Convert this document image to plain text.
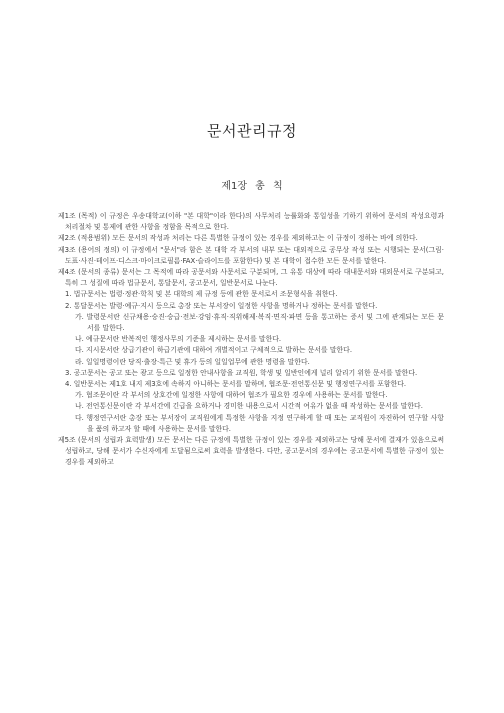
문서관리규정
제1장 총 칙

제1조 (목적) 이 규정은 우송대학교(이하 "본 대학"이라 한다)의 사무처리 능률화와 통일성을 기하기 위하여 문서의 작성요령과 처리절차 및 통제에 관한 사항을 정함을 목적으로 한다.

제2조 (적용범위) 모든 문서의 작성과 처리는 다른 특별한 규정이 있는 경우를 제외하고는 이 규정이 정하는 바에 의한다.

제3조 (용어의 정의) 이 규정에서 "문서"라 함은 본 대학 각 부서의 내부 또는 대외적으로 공무상 작성 또는 시행되는 문서(그림·도표·사진·테이프·디스크·마이크로필름·FAX·슬라이드를 포함한다) 및 본 대학이 접수한 모든 문서를 말한다.

제4조 (문서의 종류) 문서는 그 목적에 따라 공문서와 사문서로 구분되며, 그 유통 대상에 따라 대내문서와 대외문서로 구분되고, 특히 그 성질에 따라 법규문서, 통달문서, 공고문서, 일반문서로 나눈다.

1. 법규문서는 법령·정관·학칙 및 본 대학의 제 규정 등에 관한 문서로서 조문형식을 취한다.

2. 통달문서는 발령·예규·지시 등으로 총장 또는 부서장이 일정한 사항을 명하거나 정하는 문서를 말한다.

가. 발령문서란 신규채용·승진·승급·전보·강임·휴직·직위해제·복직·면직·파면 등을 통고하는 증서 및 그에 관계되는 모든 문서를 말한다.

나. 예규문서란 반복적인 행정사무의 기준을 제시하는 문서를 말한다.

다. 지시문서란 상급기관이 하급기관에 대하여 개별적이고 구체적으로 발하는 문서를 말한다.

라. 일일명령이란 당직·출장·특근 및 휴가 등의 일일업무에 관한 명령을 말한다.

3. 공고문서는 공고 또는 광고 등으로 일정한 안내사항을 교직원, 학생 및 일반인에게 널리 알리기 위한 문서를 말한다.

4. 일반문서는 제1호 내지 제3호에 속하지 아니하는 문서를 말하며, 협조문·전언통신문 및 행정연구서를 포함한다.

가. 협조문이란 각 부서의 상호간에 일정한 사항에 대하여 협조가 필요한 경우에 사용하는 문서를 말한다.

나. 전언통신문이란 각 부서간에 긴급을 요하거나 경미한 내용으로서 시간적 여유가 없을 때 작성하는 문서를 말한다.

다. 행정연구서란 총장 또는 부서장이 교직원에게 특정한 사항을 지정 연구하게 할 때 또는 교직원이 자진하여 연구할 사항을 품의 하고자 할 때에 사용하는 문서를 말한다.

제5조 (문서의 성립과 효력발생) 모든 문서는 다른 규정에 특별한 규정이 있는 경우를 제외하고는 당해 문서에 결재가 있음으로써 성립하고, 당해 문서가 수신자에게 도달됨으로써 효력을 발생한다. 다만, 공고문서의 경우에는 공고문서에 특별한 규정이 있는 경우를 제외하고
